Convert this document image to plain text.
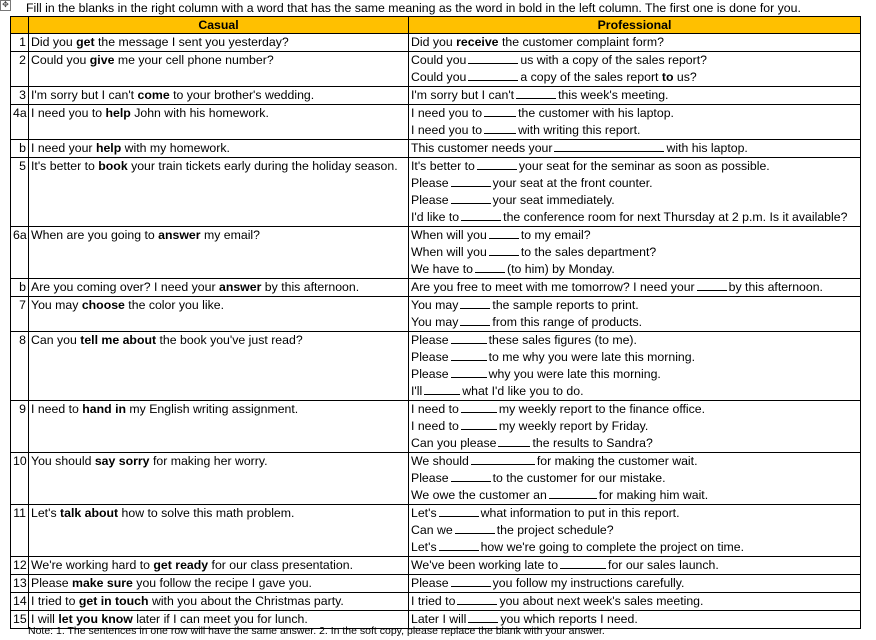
✥ Fill in the blanks in the right column with a word that has the same meaning as the word in bold in the left column. The first one is done for you.
	Casual	Professional
1	Did you get the message I sent you yesterday?	Did you receive the customer complaint form?

2	Could you give me your cell phone number?	Could you us with a copy of the sales report?
Could you a copy of the sales report to us?

3	I'm sorry but I can't come to your brother's wedding.	I'm sorry but I can't this week's meeting.

4a	I need you to help John with his homework.	I need you to the customer with his laptop.
I need you to with writing this report.

b	I need your help with my homework.	This customer needs your with his laptop.

5	It's better to book your train tickets early during the holiday season.	It's better to your seat for the seminar as soon as possible.
Please your seat at the front counter.
Please your seat immediately.
I'd like to the conference room for next Thursday at 2 p.m. Is it available?

6a	When are you going to answer my email?	When will you to my email?
When will you to the sales department?
We have to (to him) by Monday.

b	Are you coming over? I need your answer by this afternoon.	Are you free to meet with me tomorrow? I need your by this afternoon.

7	You may choose the color you like.	You may the sample reports to print.
You may from this range of products.

8	Can you tell me about the book you've just read?	Please these sales figures (to me).
Please to me why you were late this morning.
Please why you were late this morning.
I'll what I'd like you to do.

9	I need to hand in my English writing assignment.	I need to my weekly report to the finance office.
I need to my weekly report by Friday.
Can you please the results to Sandra?

10	You should say sorry for making her worry.	We should for making the customer wait.
Please to the customer for our mistake.
We owe the customer an for making him wait.

11	Let's talk about how to solve this math problem.	Let's what information to put in this report.
Can we the project schedule?
Let's how we're going to complete the project on time.

12	We're working hard to get ready for our class presentation.	We've been working late to for our sales launch.

13	Please make sure you follow the recipe I gave you.	Please you follow my instructions carefully.

14	I tried to get in touch with you about the Christmas party.	I tried to you about next week's sales meeting.

15	I will let you know later if I can meet you for lunch.	Later I will you which reports I need.
Note: 1. The sentences in one row will have the same answer. 2. In the soft copy, please replace the blank with your answer.
